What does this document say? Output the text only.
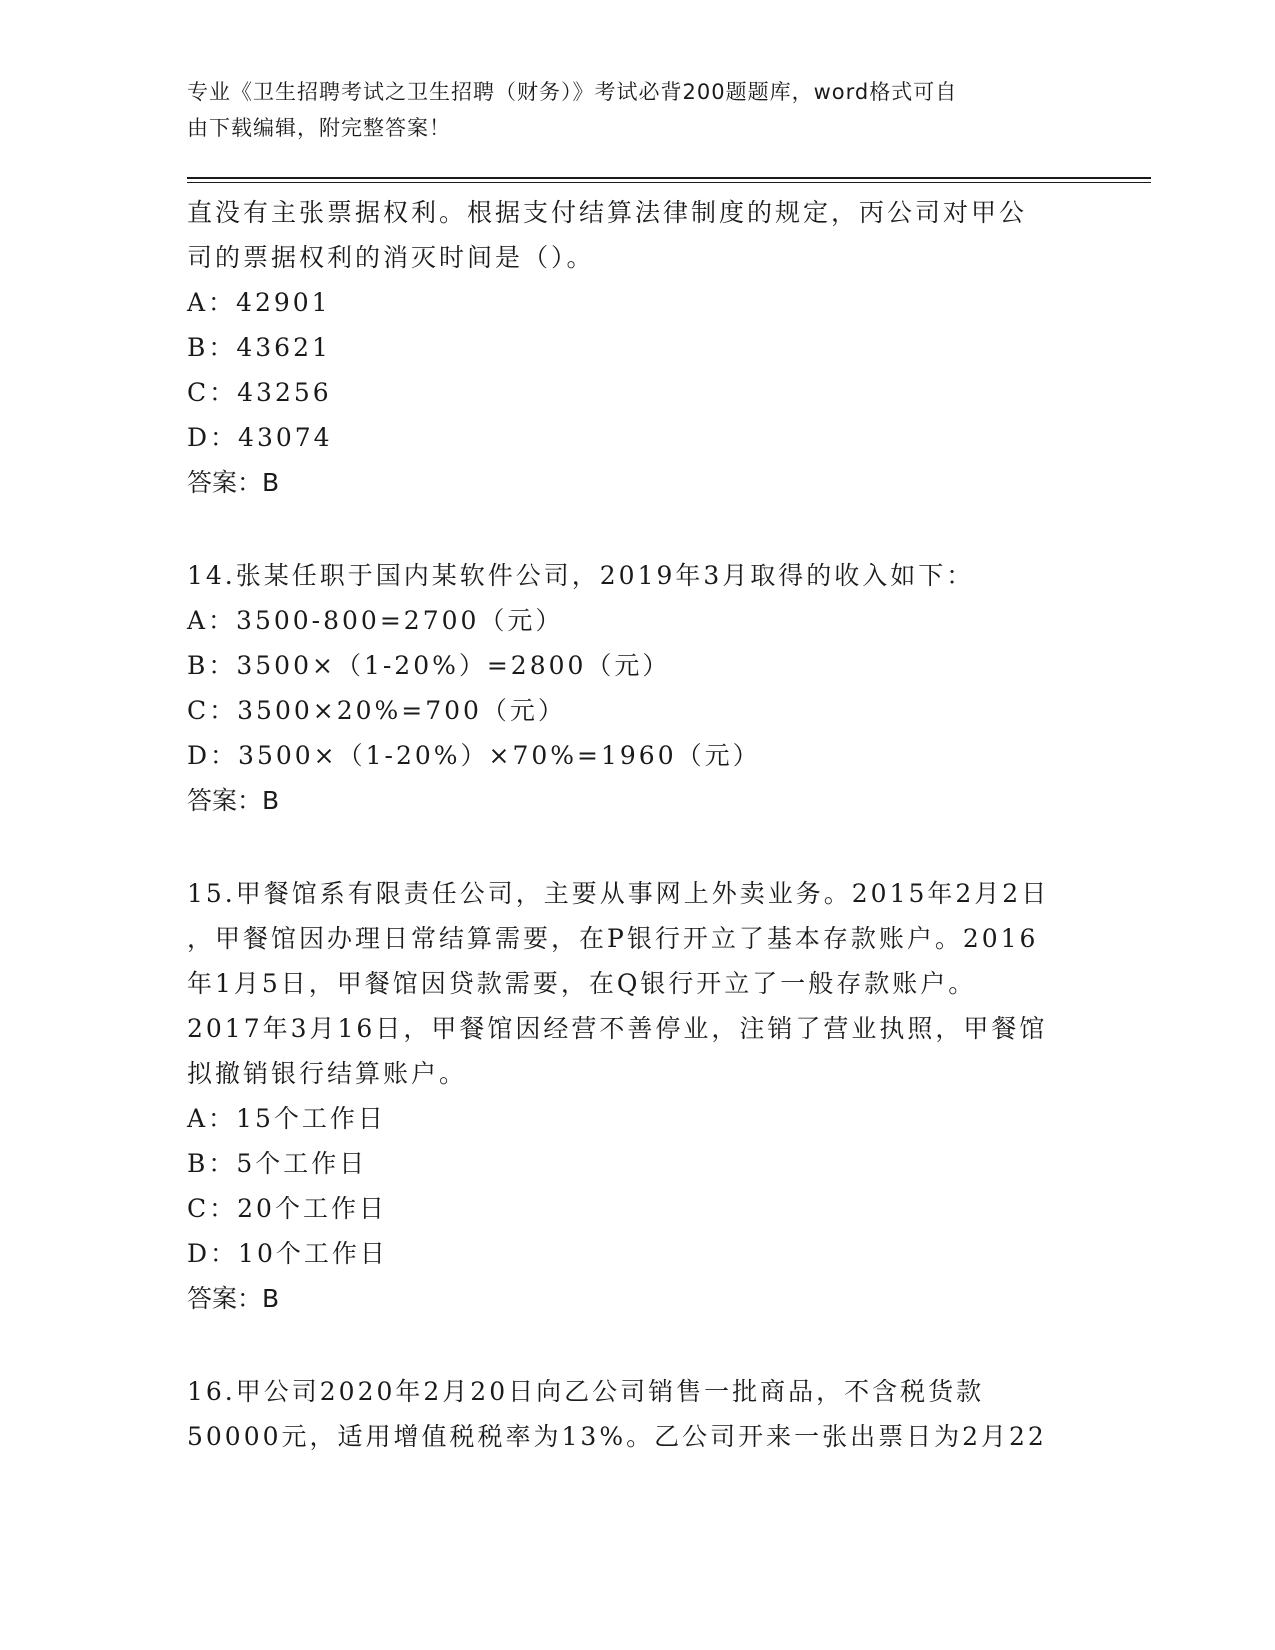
专业《卫生招聘考试之卫生招聘（财务）》考试必背200题题库，word格式可自
由下载编辑，附完整答案！
直没有主张票据权利。根据支付结算法律制度的规定，丙公司对甲公
司的票据权利的消灭时间是（）。
A：42901
B：43621
C：43256
D：43074
答案：B
14.张某任职于国内某软件公司，2019年3月取得的收入如下：
A：3500-800=2700（元）
B：3500×（1-20%）=2800（元）
C：3500×20%=700（元）
D：3500×（1-20%）×70%=1960（元）
答案：B
15.甲餐馆系有限责任公司，主要从事网上外卖业务。2015年2月2日
，甲餐馆因办理日常结算需要，在P银行开立了基本存款账户。2016
年1月5日，甲餐馆因贷款需要，在Q银行开立了一般存款账户。
2017年3月16日，甲餐馆因经营不善停业，注销了营业执照，甲餐馆
拟撤销银行结算账户。
A：15个工作日
B：5个工作日
C：20个工作日
D：10个工作日
答案：B
16.甲公司2020年2月20日向乙公司销售一批商品，不含税货款
50000元，适用增值税税率为13%。乙公司开来一张出票日为2月22
